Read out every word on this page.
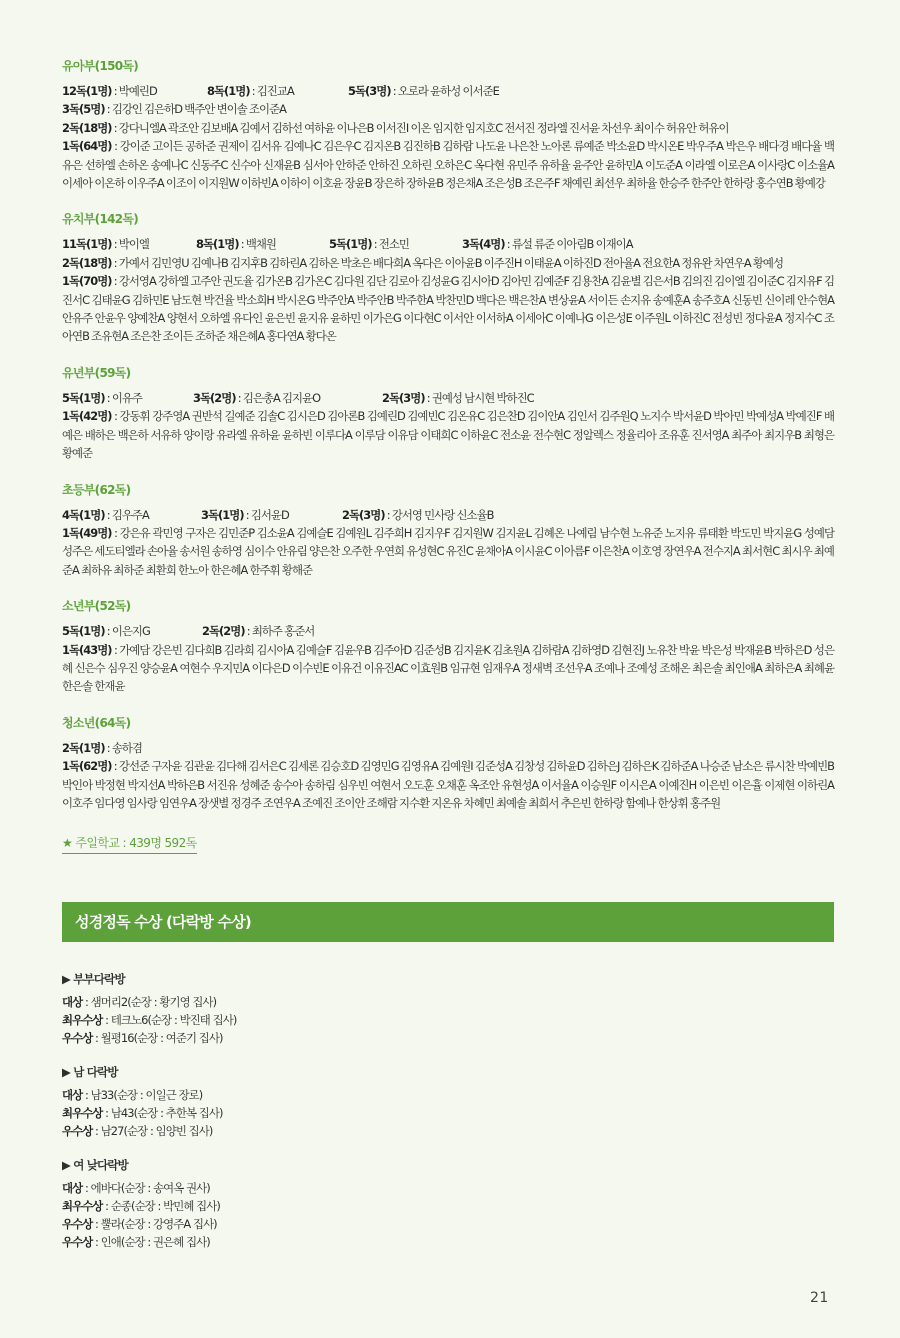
유아부(150독)
12독(1명) : 박예린D	8독(1명) : 김진교A	5독(3명) : 오로라 윤하성 이서준E
3독(5명) : 김강인 김은하D 백주안 변이솔 조이준A
2독(18명) : 강다니엘A 곽조안 김보배A 김예서 김하선 여하윤 이나은B 이서진I 이온 임지한 임지호C 전서진 정라엘 진서윤 차선우 최이수 허유안 허유이
1독(64명) : 강이준 고이든 공하준 권제이 김서유 김예나C 김은우C 김지온B 김진하B 김하람 나도윤 나은찬 노아론 류예준 박소윤D 박시온E 박우주A 박은우 배다경 배다율 백유은 선하엘 손하온 송예나C 신동주C 신수아 신재윤B 심서아 안하준 안하진 오하린 오하은C 옥다현 유민주 유하율 윤주안 윤하민A 이도준A 이라엘 이로은A 이사랑C 이소율A 이세아 이온하 이우주A 이조이 이지원W 이하빈A 이하이 이호윤 장윤B 장은하 장하윤B 정은채A 조은성B 조은주F 채예린 최선우 최하율 한승주 한주안 한하랑 홍수연B 황예강
유치부(142독)
11독(1명) : 박이엘	8독(1명) : 백채원	5독(1명) : 전소민	3독(4명) : 류설 류준 이아림B 이재이A
2독(18명) : 가예서 김민영U 김예나B 김지후B 김하린A 김하온 박초은 배다희A 옥다은 이아윤B 이주진H 이태윤A 이하진D 전아율A 전요한A 정유완 차연우A 황예성
1독(70명) : 강서영A 강하엘 고주안 권도율 김가온B 김가온C 김다원 김단 김로아 김성윤G 김시아D 김아민 김예준F 김용찬A 김윤별 김은서B 김의진 김이엘 김이준C 김지유F 김진서C 김태윤G 김하민E 남도현 박건율 박소희H 박시온G 박주안A 박주안B 박주한A 박찬민D 백다은 백은찬A 변상윤A 서이든 손지유 송예훈A 송주호A 신동빈 신이레 안수현A 안유주 안윤우 양예찬A 양현서 오하엘 유다인 윤은빈 윤지유 윤하민 이가은G 이다현C 이서안 이서하A 이세아C 이예나G 이은성E 이주원L 이하진C 전성빈 정다윤A 정지수C 조아연B 조유현A 조은찬 조이든 조하준 채은혜A 홍다연A 황다온
유년부(59독)
5독(1명) : 이유주	3독(2명) : 김은총A 김지윤O	2독(3명) : 권예성 남시현 박하진C
1독(42명) : 강동휘 강주영A 권반석 길예준 김솔C 김시은D 김아론B 김예린D 김예빈C 김온유C 김은찬D 김이안A 김인서 김주원Q 노지수 박서윤D 박아민 박예성A 박예진F 배예은 배하은 백은하 서유하 양이랑 유라엘 유하윤 윤하빈 이루다A 이루담 이유담 이태희C 이하윤C 전소윤 전수현C 정알렉스 정율리아 조유훈 진서영A 최주아 최지우B 최형은 황예준
초등부(62독)
4독(1명) : 김우주A	3독(1명) : 김서윤D	2독(3명) : 강서영 민사랑 신소율B
1독(49명) : 강은유 곽민영 구자은 김민준P 김소윤A 김예슬E 김예원L 김주희H 김지우F 김지원W 김지윤L 김혜온 나예림 남수현 노유준 노지유 류태환 박도민 박지윤G 성예담 성주은 세도티엘라 손아율 송서원 송하영 심이수 안유림 양은찬 오주한 우연희 유성현C 유진C 윤채아A 이시윤C 이아름F 이은찬A 이호영 장연우A 전수지A 최서현C 최시우 최예준A 최하유 최하준 최환희 한노아 한은혜A 한주휘 황해준
소년부(52독)
5독(1명) : 이은지G	2독(2명) : 최하주 홍준서
1독(43명) : 가예담 강은빈 김다희B 김라희 김시아A 김예슬F 김윤우B 김주아D 김준성B 김지윤K 김초원A 김하람A 김하영D 김현진J 노유찬 박윤 박은성 박재윤B 박하은D 성은혜 신은수 심우진 양승윤A 여현수 우지민A 이다은D 이수빈E 이유건 이유진AC 이효원B 임규현 임재우A 정새벽 조선우A 조예나 조예성 조해온 최은솔 최인애A 최하은A 최혜윤 한은솔 한재윤
청소년(64독)
2독(1명) : 송하겸
1독(62명) : 강선준 구자윤 김관윤 김다해 김서은C 김세론 김승호D 김영민G 김영유A 김예원I 김준성A 김창성 김하윤D 김하은J 김하은K 김하준A 나승준 남소은 류시찬 박예빈B 박인아 박정현 박지선A 박하은B 서진유 성혜준 송수아 송하림 심우빈 여현서 오도훈 오채훈 옥조안 유현성A 이서율A 이승원F 이시은A 이예진H 이은빈 이은휼 이제현 이하린A 이호주 임다영 임사랑 임연우A 장샛별 정경주 조연우A 조예진 조이안 조해람 지수환 지온유 차혜민 최예솔 최희서 추은빈 한하랑 함예나 한상휘 홍주원
★ 주일학교 : 439명 592독
성경정독 수상 (다락방 수상)
▶ 부부다락방
대상 : 샘머리2(순장 : 황기영 집사)
최우수상 : 테크노6(순장 : 박진태 집사)
우수상 : 월평16(순장 : 여준기 집사)
▶ 남 다락방
대상 : 남33(순장 : 이일근 장로)
최우수상 : 남43(순장 : 추한복 집사)
우수상 : 남27(순장 : 임양빈 집사)
▶ 여 낮다락방
대상 : 에바다(순장 : 송여옥 권사)
최우수상 : 순종(순장 : 박민혜 집사)
우수상 : 뿔라(순장 : 강영주A 집사)
우수상 : 인애(순장 : 권은혜 집사)
21
